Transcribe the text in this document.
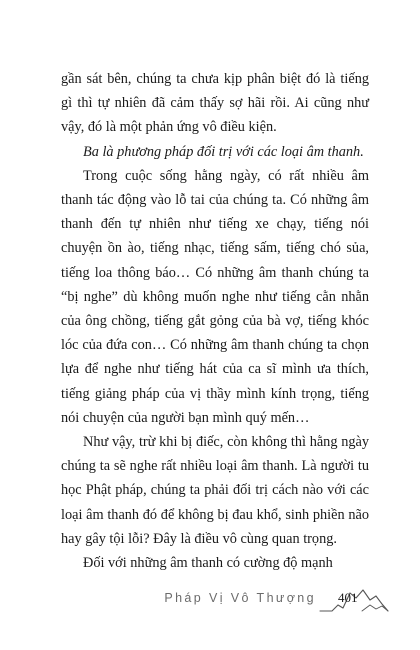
gần sát bên, chúng ta chưa kịp phân biệt đó là tiếng gì thì tự nhiên đã cảm thấy sợ hãi rồi. Ai cũng như vậy, đó là một phản ứng vô điều kiện.

Ba là phương pháp đối trị với các loại âm thanh.

Trong cuộc sống hằng ngày, có rất nhiều âm thanh tác động vào lỗ tai của chúng ta. Có những âm thanh đến tự nhiên như tiếng xe chạy, tiếng nói chuyện ồn ào, tiếng nhạc, tiếng sấm, tiếng chó sủa, tiếng loa thông báo… Có những âm thanh chúng ta “bị nghe” dù không muốn nghe như tiếng cằn nhằn của ông chồng, tiếng gắt gỏng của bà vợ, tiếng khóc lóc của đứa con… Có những âm thanh chúng ta chọn lựa để nghe như tiếng hát của ca sĩ mình ưa thích, tiếng giảng pháp của vị thầy mình kính trọng, tiếng nói chuyện của người bạn mình quý mến…

Như vậy, trừ khi bị điếc, còn không thì hằng ngày chúng ta sẽ nghe rất nhiều loại âm thanh. Là người tu học Phật pháp, chúng ta phải đối trị cách nào với các loại âm thanh đó để không bị đau khổ, sinh phiền não hay gây tội lỗi? Đây là điều vô cùng quan trọng.

Đối với những âm thanh có cường độ mạnh

Pháp Vị Vô Thượng 401
